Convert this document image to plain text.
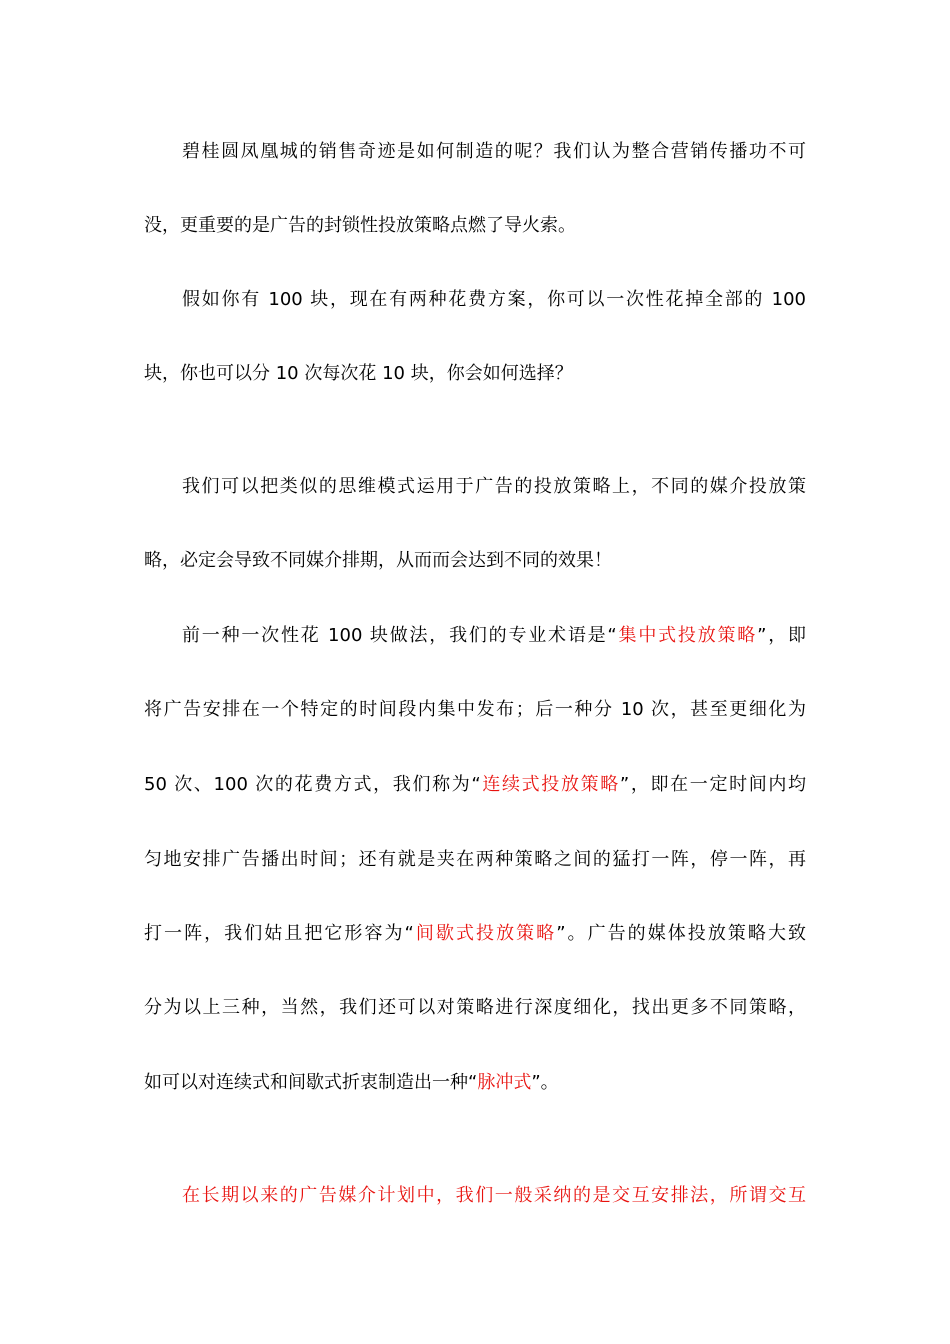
碧桂圆凤凰城的销售奇迹是如何制造的呢？我们认为整合营销传播功不可
没，更重要的是广告的封锁性投放策略点燃了导火索。
假如你有 100 块，现在有两种花费方案，你可以一次性花掉全部的 100
块，你也可以分 10 次每次花 10 块，你会如何选择？
我们可以把类似的思维模式运用于广告的投放策略上，不同的媒介投放策
略，必定会导致不同媒介排期，从而而会达到不同的效果！
前一种一次性花 100 块做法，我们的专业术语是“集中式投放策略”，即
将广告安排在一个特定的时间段内集中发布；后一种分 10 次，甚至更细化为
50 次、100 次的花费方式，我们称为“连续式投放策略”，即在一定时间内均
匀地安排广告播出时间；还有就是夹在两种策略之间的猛打一阵，停一阵，再
打一阵，我们姑且把它形容为“间歇式投放策略”。广告的媒体投放策略大致
分为以上三种，当然，我们还可以对策略进行深度细化，找出更多不同策略，
如可以对连续式和间歇式折衷制造出一种“脉冲式”。
在长期以来的广告媒介计划中，我们一般采纳的是交互安排法，所谓交互
